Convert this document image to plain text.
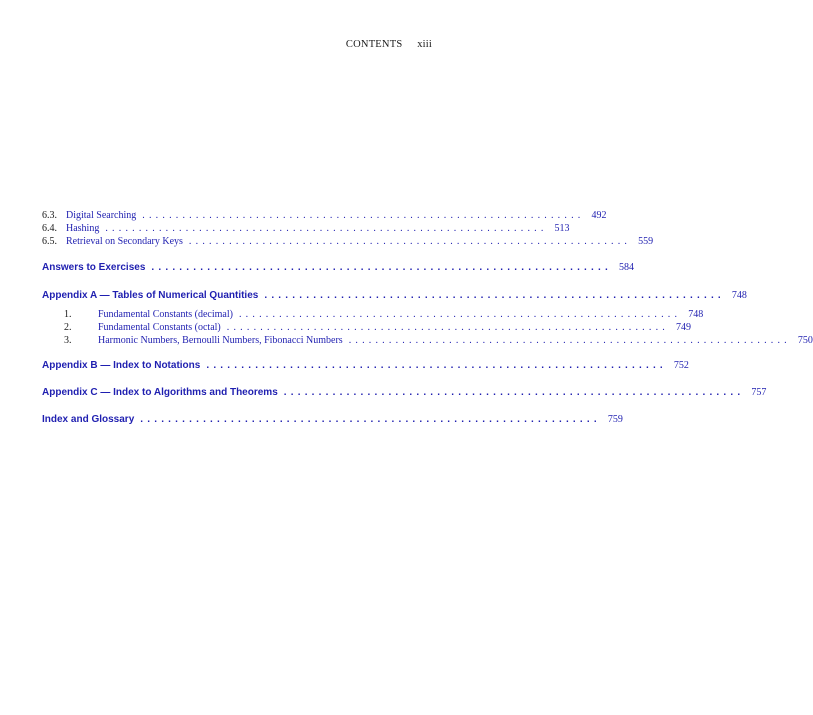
CONTENTS xiii
6.3. Digital Searching .................................................................. 492
6.4. Hashing .................................................................. 513
6.5. Retrieval on Secondary Keys .................................................................. 559
Answers to Exercises .................................................................. 584
Appendix A — Tables of Numerical Quantities .................................................................. 748
1.	Fundamental Constants (decimal) .................................................................. 748
2.	Fundamental Constants (octal) .................................................................. 749
3.	Harmonic Numbers, Bernoulli Numbers, Fibonacci Numbers .................................................................. 750
Appendix B — Index to Notations .................................................................. 752
Appendix C — Index to Algorithms and Theorems .................................................................. 757
Index and Glossary .................................................................. 759
